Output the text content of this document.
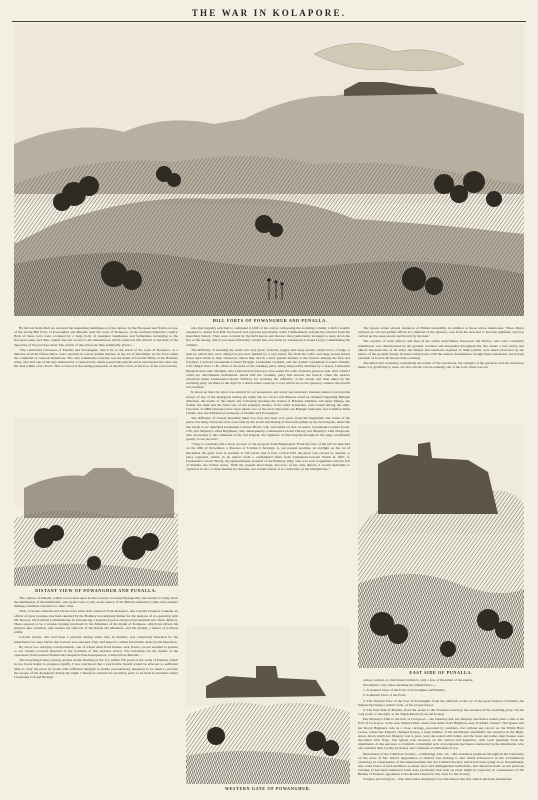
THE WAR IN KOLAPORE.
HILL FORTS OF POWANGHUR AND PUNALLA.

By the last India Mail we received the interesting intelligence of the capture by the European and Native troops, of the strong Hill Forts of Powanghur and Punalla, near the town of Kolapore, in the southern Mahratta country. Both of these forts were occupied by a large body of insurgent Gheikaries and Sebundies, belonging to the Kolapore state; and their capture has put an end to the disturbances which existed in this district at the time of the departure of the previous mail. The results of the action are thus summarily given:—

"The celebrated fortresses of Punalla and Powanghur, which lie to the north of the town of Kolapore, at a distance of about fifteen miles, were captured in a most gallant manner on the 1st of December, by the force under the command of General Delamotte. The only remarkable casualty was the death of Colonel Hicks of the Bombay army, who had one of his legs shattered by a cannon ball, which passed through his horse and injured the other leg. He died within a few hours. This occurred at the taking possession of the little town, at the foot of the rock fortress.

who had urgently solicited to command it (200 of his corps), composing the storming column; which I readily assented to. About four P.M. the breach was reported practicable, when I immediately ordered the advance from the breaching battery. They were covered by the field pieces and mortars most judiciously arranged to keep down the fire of the enemy, which was most efficiently carried into execution by Lieutenant-Colonel Lloyd, commanding the artillery.

The difficulty of reaching the walls was very great, from the rugged and steep ascent, which led to a ledge or path by which they were obliged to proceed, flanked by a very heavy fire from the walls, and large stones hurled down upon them as they advanced, which they did in a most gallant manner to the breach. Among the first and foremost I noticed Lieutenant-Colonel Brough, Lieutenant Graham, and the gallant Lieutenant-Colonel Outram, C.B. (Major Post, C.B., when at the head of the storming party, being temporarily disabled by a stone), Lieutenant Marshall and some riflemen, who I had observed had got close under the walls from the gateway side, after which I could not discriminate individuals. About half the storming party had entered the breach, when the reserve advanced under Lieutenant-Colonel Wallace, for securing the difficulty of the ascent and time taken by the storming party, inclined to the right by a much easier route up a road which led to the gateway, whence the breach was reached.

In about an hour the place was entirely in our possession, and every precautionary measure taken to prevent the escape of any of the insurgents during the night; but no correct information could be obtained regarding Babajee Ahirakur, the leader of the rebels; the following morning the bodies of Babajee Ahirakur and Appa Manga, the former the chief and the latter one of the principal leaders of the rebel Sebundies, were found among the slain. Upwards of 2000 prisoners have been taken; two of the most important are Babajee Sahookar and Luximon Nulk Jaildee, also the Killadars (Garrisons) of Punalla and Powanghur.

The difficulty of closely investing these two forts has been very great, from the magnitude and extent of the place; but many obstacles were overcome by the storm and sliding of the north pathak by the 3rd brigade, under the late much to be lamented Lieutenant-Colonel Hicks, who was killed on that occasion; Lieutenant-Colonel Poole, C.B., her Majesty's 22nd Regiment; and, subsequently, Lieutenant-Colonel Harvey, her Majesty's 14th Dragoons, who succeeded to the command of the 3rd brigade; the vigilance of that brigade throughout the siege contributed greatly to our success."

"I beg to conclude with a short account of our progress from Buddergaur. From the base of the hill we marched on the 29th of November, a distance of 6 miles 6 furlongs, to our present position. At daylight on the 1st of December the guns were in position at 350 yards, and at four o'clock P.M. the place was carried by assault—a place regarded, which, in an extract from a confidential letter from Lieutenant-Colonel Walsh in 1827, to Lieutenant-Colonel Hardy, the Quartermaster-General of the Bombay army, who was well acquainted with the fort of Punalla, the former states, 'With my present knowledge, however, of the only defects, I would undertake to capture it in two or three months by ransoms, but certain labour; it is a Gibraltar on the Neilgherries.'"

The reports relate several instances of British intrepidity, in addition to those above mentioned. 'Thus, Major Gilland, an old and gallant officer in command of the Queen's, rose from his sick-bed to lead his regiment, and was carried up the steep ascent and breach by his men.'

The conduct of both officers and men of the whole detachment, European and Native, who were constantly intermixed, was characterized by the greatest coolness and intrepidity throughout the day, under a very heavy and almost incessant fire of all arms; the fatigue and exertions required of them (which were much increased by the nature of the ground) during 10 hours being borne with the utmost cheerfulness, though much exhausted, not having partaken of food from the previous evening.

The killed and wounded, considering the extent of the operations, the strength of the garrison, and the resistance made, it is gratifying to state, are few. On the victors entering one of the forts, there was not

DISTANT VIEW OF POWANGHUR AND PUNALLA.
EAST SIDE OF PUNALLA.

The capture of Punalla, which was looked upon in that country as being impregnable, has tended to bring about the submission of the inhabitants, who prefer now to rely on the mercy of the British authorities rather than attempt making a fruitless resistance to their arms.

Thus, Colonels Outram and Ovans have been both removed from Kolapore, and Captain Douglas Graham, an officer of great promise, has been deputed by the Bombay Government thither for the purpose of co-operating with Mr. Reeves, the Political Commissioner, in introducing a system of peace and good government into these districts. There appears to be a wanton tyranny practised by the Ministers of the Rajah of Kolapore, which has driven his subjects into rebellion, and renders the removal of the Rajah, his Ministers, and his system, a matter of political utility.

Colonel Ovans, who had been a prisoner during some days in Punalla, was voluntarily liberated by the inhabitants two days before that fortress was attacked. They had hoped to obtain favourable terms by his liberation.

By aid of two obliging correspondents, one of whom dates from Kirkee, near Poona, we are enabled to present to our readers accurate sketches of the localities of this decisive action. The following are the details of the operations from General Delamotte's despatch from headquarters, Camp before Punalla:—

The breaching battery having opened on the morning of the 1st, within 350 yards of the walls of Punalla, which in two hours began to progress rapidly, I was convinced that a practicable breach would be effected so sufficient time to carry the place by storm with sufficient daylight to enable precautionary measures to be taken to prevent the escape of the insurgents during the night. I therefore ordered the storming party to be held in readiness under Lieutenant Colonel Brough,

WESTERN GATE OF POWANGHUR.

a man, woman, or child found within it, only a few of the killed of the enemy.

We subjoin a few lines detailing the Illustrations:—

1. A General View of the Forts of Powanghur and Punalla.

2. A Distant View of the Forts.

3. The Western Face of the Fort of Powanghur, from the platform at the top of the great bastion of Punalla, the manuscript being a ruined work, of but proportioned.

4. The East Side of Punalla, from the ascent to the Northern Gateway, the entrance of the storming party. On the tody point, to the right, is the Nigah-Khana (look-out house).

Her Majesty's Visit to the Earl of Liverpool.—On Saturday last, her Majesty and Prince Albert paid a visit to the Earl of Liverpool, at his seat, Buxted Park, about four miles from Brighton, near Uckfield, Sussex. The Queen and her Royal Highness rode in a close carriage, preceded by outriders, but without any escort. At the White Hart, Lewes, where her Majesty changed horses, a large number of the inhabitants assembled; the windows in the High-street, down which her Majesty was to pass, were decorated with ladies, and the hotel and some other houses were decorated with flags. The Queen was received, on her arrival and departure, with loyal greetings from the inhabitants. At the entrance to Uckfield, a triumphal arch of evergreens had been constructed by the inhabitants, who also testified their loyalty by hearty and continued acclamations of joy.

Dissolution of the Cambrian Society.—Cambridge, Feb. 14.—The sensation produced throughout the University on the news of Mr. Ward's degradation at Oxford was nothing to that which followed it in the acclamations yesterday, in consequence of the announcement that the Camden Society, which had been going on so flourishingly, and could boast of such members as many tyros and distinguished individuals, had dissolved itself on the previous evening. It had been rumoured some days previously that such an event might be expected, in consequence of the Bishop of Exeter's opposition to the Round Church in this town for the Society.

Torquay and Glasgow.—The innovation attempted to be introduced into this church has been abandoned.
